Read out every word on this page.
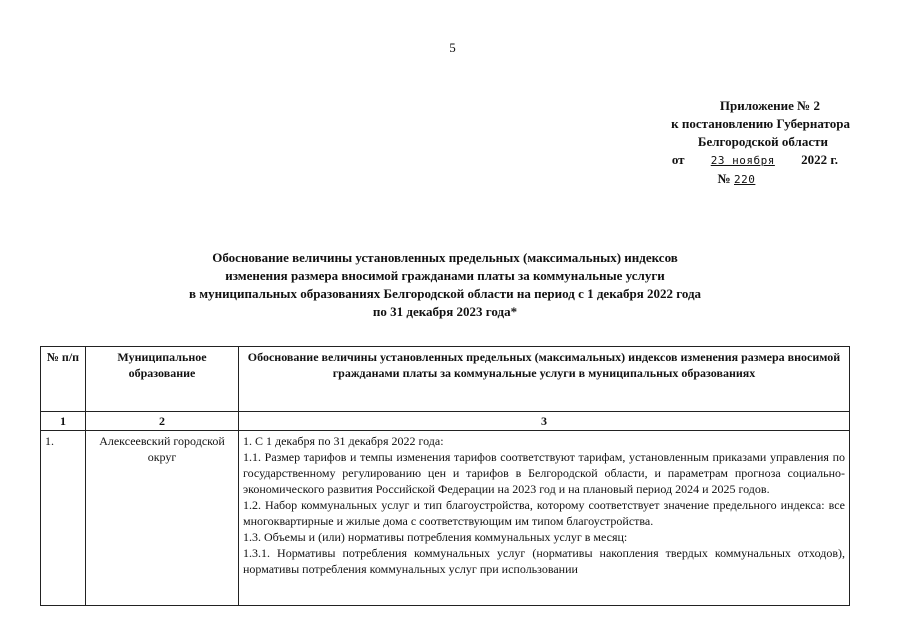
5
Приложение № 2
к постановлению Губернатора
Белгородской области
от 23 ноября 2022 г.
№ 220
Обоснование величины установленных предельных (максимальных) индексов
изменения размера вносимой гражданами платы за коммунальные услуги
в муниципальных образованиях Белгородской области на период с 1 декабря 2022 года
по 31 декабря 2023 года*
№ п/п	Муниципальное образование	Обоснование величины установленных предельных (максимальных) индексов изменения размера вносимой гражданами платы за коммунальные услуги в муниципальных образованиях
1	2	3
1.	Алексеевский городской округ	1. С 1 декабря по 31 декабря 2022 года:

1.1. Размер тарифов и темпы изменения тарифов соответствуют тарифам, установленным приказами управления по государственному регулированию цен и тарифов в Белгородской области, и параметрам прогноза социально-экономического развития Российской Федерации на 2023 год и на плановый период 2024 и 2025 годов.

1.2. Набор коммунальных услуг и тип благоустройства, которому соответствует значение предельного индекса: все многоквартирные и жилые дома с соответствующим им типом благоустройства.

1.3. Объемы и (или) нормативы потребления коммунальных услуг в месяц:

1.3.1. Нормативы потребления коммунальных услуг (нормативы накопления твердых коммунальных отходов), нормативы потребления коммунальных услуг при использовании
